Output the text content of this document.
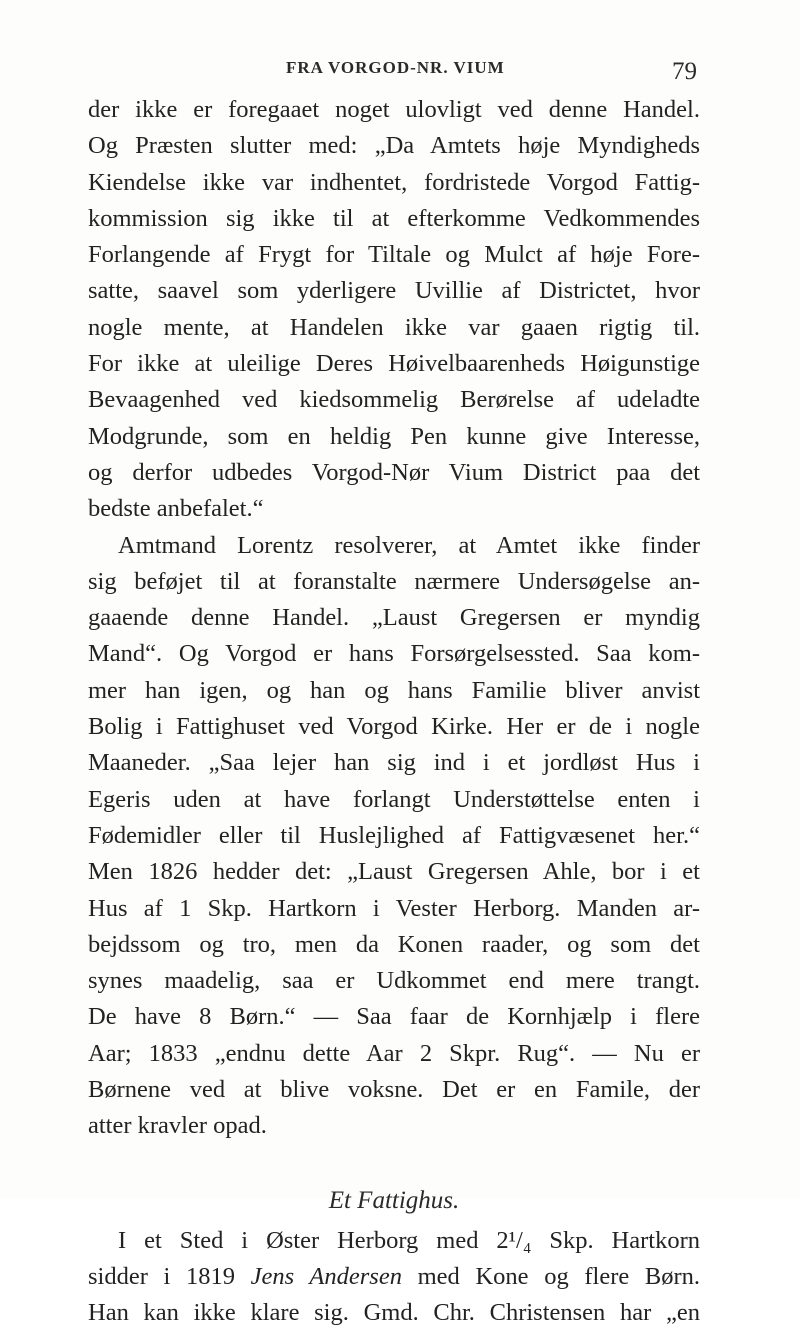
FRA VORGOD-NR. VIUM	79
der ikke er foregaaet noget ulovligt ved denne Handel.
Og Præsten slutter med: „Da Amtets høje Myndigheds
Kiendelse ikke var indhentet, fordristede Vorgod Fattig-
kommission sig ikke til at efterkomme Vedkommendes
Forlangende af Frygt for Tiltale og Mulct af høje Fore-
satte, saavel som yderligere Uvillie af Districtet, hvor
nogle mente, at Handelen ikke var gaaen rigtig til.
For ikke at uleilige Deres Høivelbaarenheds Høigunstige
Bevaagenhed ved kiedsommelig Berørelse af udeladte
Modgrunde, som en heldig Pen kunne give Interesse,
og derfor udbedes Vorgod-Nør Vium District paa det
bedste anbefalet.“
Amtmand Lorentz resolverer, at Amtet ikke finder
sig beføjet til at foranstalte nærmere Undersøgelse an-
gaaende denne Handel. „Laust Gregersen er myndig
Mand“. Og Vorgod er hans Forsørgelsessted. Saa kom-
mer han igen, og han og hans Familie bliver anvist
Bolig i Fattighuset ved Vorgod Kirke. Her er de i nogle
Maaneder. „Saa lejer han sig ind i et jordløst Hus i
Egeris uden at have forlangt Understøttelse enten i
Fødemidler eller til Huslejlighed af Fattigvæsenet her.“
Men 1826 hedder det: „Laust Gregersen Ahle, bor i et
Hus af 1 Skp. Hartkorn i Vester Herborg. Manden ar-
bejdssom og tro, men da Konen raader, og som det
synes maadelig, saa er Udkommet end mere trangt.
De have 8 Børn.“ — Saa faar de Kornhjælp i flere
Aar; 1833 „endnu dette Aar 2 Skpr. Rug“. — Nu er
Børnene ved at blive voksne. Det er en Famile, der
atter kravler opad.
Et Fattighus.
I et Sted i Øster Herborg med 2¹/₄ Skp. Hartkorn
sidder i 1819 Jens Andersen med Kone og flere Børn.
Han kan ikke klare sig. Gmd. Chr. Christensen har „en
